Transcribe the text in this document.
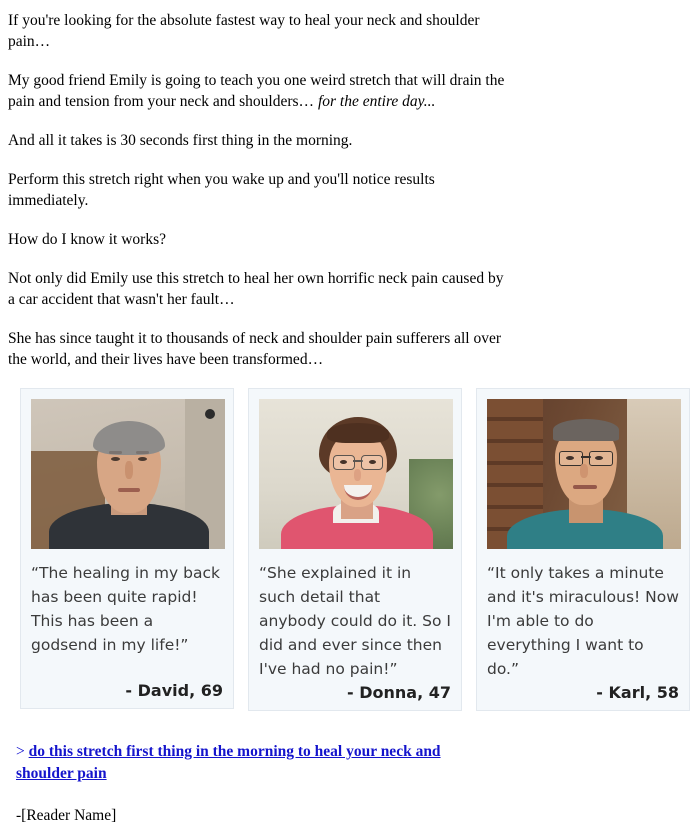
If you're looking for the absolute fastest way to heal your neck and shoulder pain…

My good friend Emily is going to teach you one weird stretch that will drain the pain and tension from your neck and shoulders… for the entire day...

And all it takes is 30 seconds first thing in the morning.

Perform this stretch right when you wake up and you'll notice results immediately.

How do I know it works?

Not only did Emily use this stretch to heal her own horrific neck pain caused by a car accident that wasn't her fault…

She has since taught it to thousands of neck and shoulder pain sufferers all over the world, and their lives have been transformed…

“The healing in my back has been quite rapid! This has been a godsend in my life!”
- David, 69
“She explained it in such detail that anybody could do it. So I did and ever since then I've had no pain!”
- Donna, 47
“It only takes a minute and it's miraculous! Now I'm able to do everything I want to do.”
- Karl, 58
> do this stretch first thing in the morning to heal your neck and shoulder pain
-[Reader Name]
